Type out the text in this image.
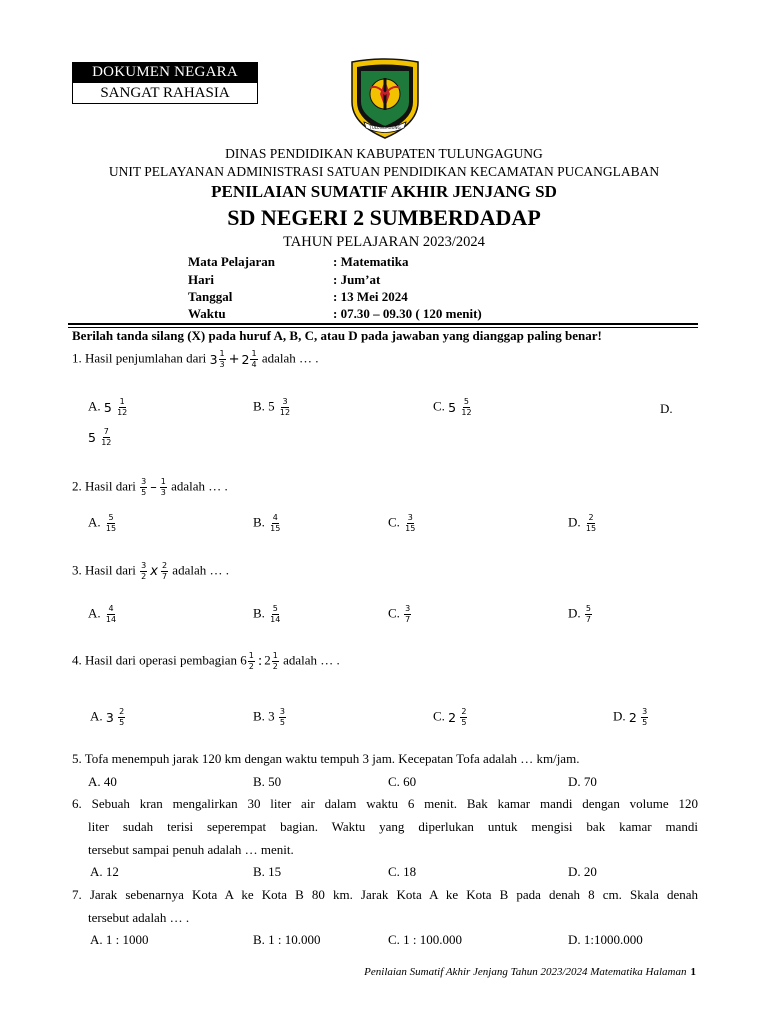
DOKUMEN NEGARA
SANGAT RAHASIA
TULUNGAGUNG
DINAS PENDIDIKAN KABUPATEN TULUNGAGUNG
UNIT PELAYANAN ADMINISTRASI SATUAN PENDIDIKAN KECAMATAN PUCANGLABAN
PENILAIAN SUMATIF AKHIR JENJANG SD
SD NEGERI 2 SUMBERDADAP
TAHUN PELAJARAN 2023/2024
Mata Pelajaran	: Matematika
Hari	: Jum’at
Tanggal	: 13 Mei 2024
Waktu	: 07.30 – 09.30 ( 120 menit)
Berilah tanda silang (X) pada huruf A, B, C, atau D pada jawaban yang dianggap paling benar!
1. Hasil penjumlahan dari $3 \frac{1}{3} + 2 \frac{1}{4}$ adalah … .
A. $5 \frac{1}{12}$	B. $5 \frac{3}{12}$	C. $5 \frac{5}{12}$	D.
$5 \frac{7}{12}$
2. Hasil dari $\frac{3}{5} - \frac{1}{3}$ adalah … .
A. $\frac{5}{15}$	B. $\frac{4}{15}$	C. $\frac{3}{15}$	D. $\frac{2}{15}$
3. Hasil dari $\frac{3}{2}$ x $\frac{2}{7}$ adalah … .
A. $\frac{4}{14}$	B. $\frac{5}{14}$	C. $\frac{3}{7}$	D. $\frac{5}{7}$
4. Hasil dari operasi pembagian $6 \frac{1}{2}$ : $2 \frac{1}{2}$ adalah … .
A. $3 \frac{2}{5}$	B. $3 \frac{3}{5}$	C. $2 \frac{2}{5}$	D. $2 \frac{3}{5}$
5. Tofa menempuh jarak 120 km dengan waktu tempuh 3 jam. Kecepatan Tofa adalah … km/jam.
A. 40	B. 50	C. 60	D. 70
6. Sebuah kran mengalirkan 30 liter air dalam waktu 6 menit. Bak kamar mandi dengan volume 120
liter sudah terisi seperempat bagian. Waktu yang diperlukan untuk mengisi bak kamar mandi
tersebut sampai penuh adalah … menit.
A. 12	B. 15	C. 18	D. 20
7. Jarak sebenarnya Kota A ke Kota B 80 km. Jarak Kota A ke Kota B pada denah 8 cm. Skala denah
tersebut adalah … .
A. 1 : 1000	B. 1 : 10.000	C. 1 : 100.000	D. 1:1000.000
Penilaian Sumatif Akhir Jenjang Tahun 2023/2024 Matematika Halaman 1
